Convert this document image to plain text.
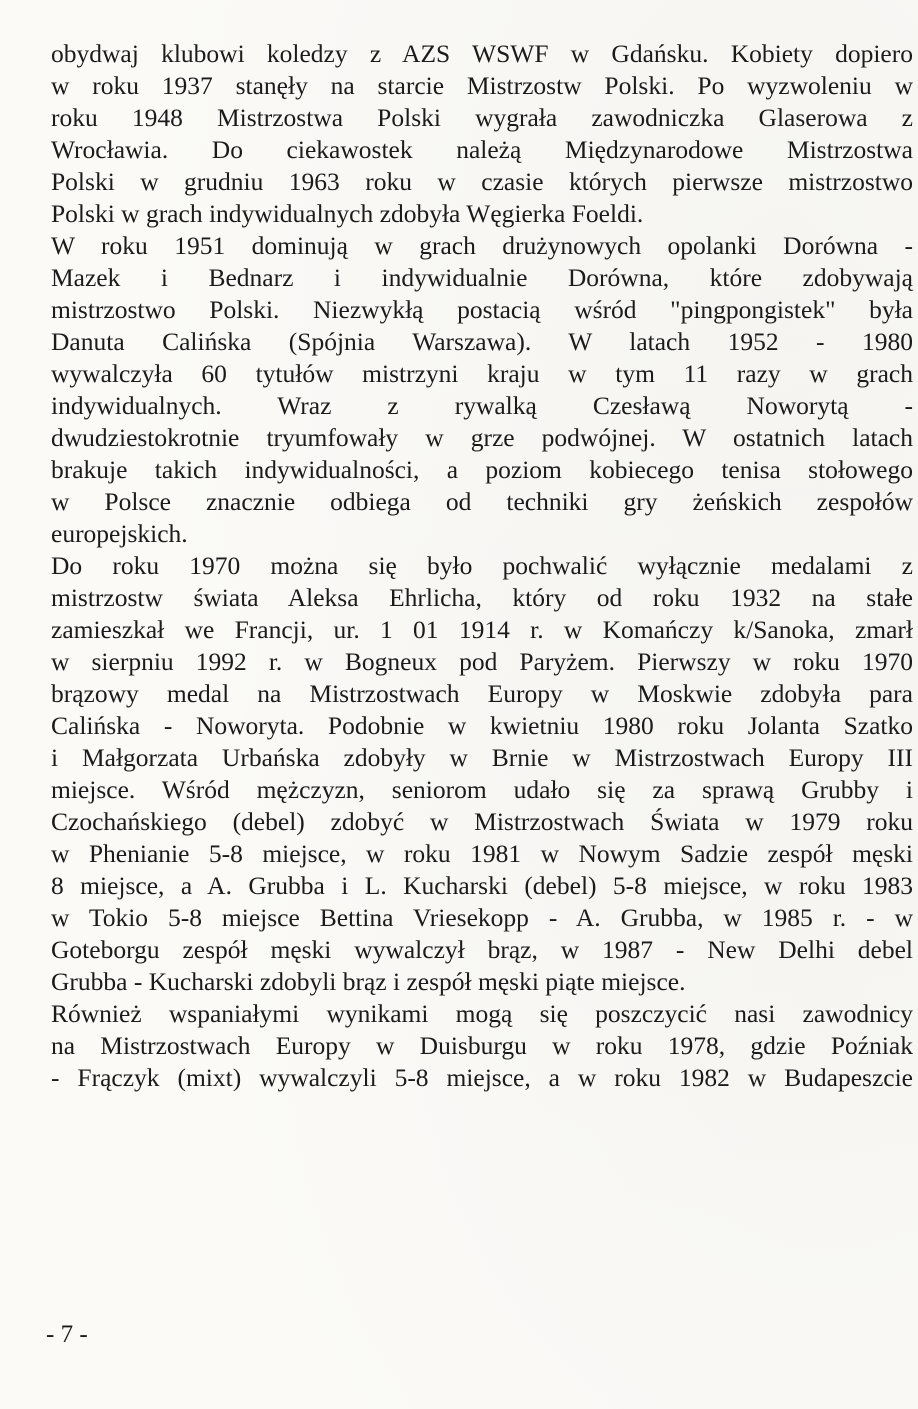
obydwaj klubowi koledzy z AZS WSWF w Gdańsku. Kobiety dopiero
w roku 1937 stanęły na starcie Mistrzostw Polski. Po wyzwoleniu w
roku 1948 Mistrzostwa Polski wygrała zawodniczka Glaserowa z
Wrocławia. Do ciekawostek należą Międzynarodowe Mistrzostwa
Polski w grudniu 1963 roku w czasie których pierwsze mistrzostwo
Polski w grach indywidualnych zdobyła Węgierka Foeldi.
W roku 1951 dominują w grach drużynowych opolanki Dorówna -
Mazek i Bednarz i indywidualnie Dorówna, które zdobywają
mistrzostwo Polski. Niezwykłą postacią wśród "pingpongistek" była
Danuta Calińska (Spójnia Warszawa). W latach 1952 - 1980
wywalczyła 60 tytułów mistrzyni kraju w tym 11 razy w grach
indywidualnych. Wraz z rywalką Czesławą Noworytą -
dwudziestokrotnie tryumfowały w grze podwójnej. W ostatnich latach
brakuje takich indywidualności, a poziom kobiecego tenisa stołowego
w Polsce znacznie odbiega od techniki gry żeńskich zespołów
europejskich.
Do roku 1970 można się było pochwalić wyłącznie medalami z
mistrzostw świata Aleksa Ehrlicha, który od roku 1932 na stałe
zamieszkał we Francji, ur. 1 01 1914 r. w Komańczy k/Sanoka, zmarł
w sierpniu 1992 r. w Bogneux pod Paryżem. Pierwszy w roku 1970
brązowy medal na Mistrzostwach Europy w Moskwie zdobyła para
Calińska - Noworyta. Podobnie w kwietniu 1980 roku Jolanta Szatko
i Małgorzata Urbańska zdobyły w Brnie w Mistrzostwach Europy III
miejsce. Wśród mężczyzn, seniorom udało się za sprawą Grubby i
Czochańskiego (debel) zdobyć w Mistrzostwach Świata w 1979 roku
w Phenianie 5-8 miejsce, w roku 1981 w Nowym Sadzie zespół męski
8 miejsce, a A. Grubba i L. Kucharski (debel) 5-8 miejsce, w roku 1983
w Tokio 5-8 miejsce Bettina Vriesekopp - A. Grubba, w 1985 r. - w
Goteborgu zespół męski wywalczył brąz, w 1987 - New Delhi debel
Grubba - Kucharski zdobyli brąz i zespół męski piąte miejsce.
Również wspaniałymi wynikami mogą się poszczycić nasi zawodnicy
na Mistrzostwach Europy w Duisburgu w roku 1978, gdzie Poźniak
- Frączyk (mixt) wywalczyli 5-8 miejsce, a w roku 1982 w Budapeszcie
- 7 -
